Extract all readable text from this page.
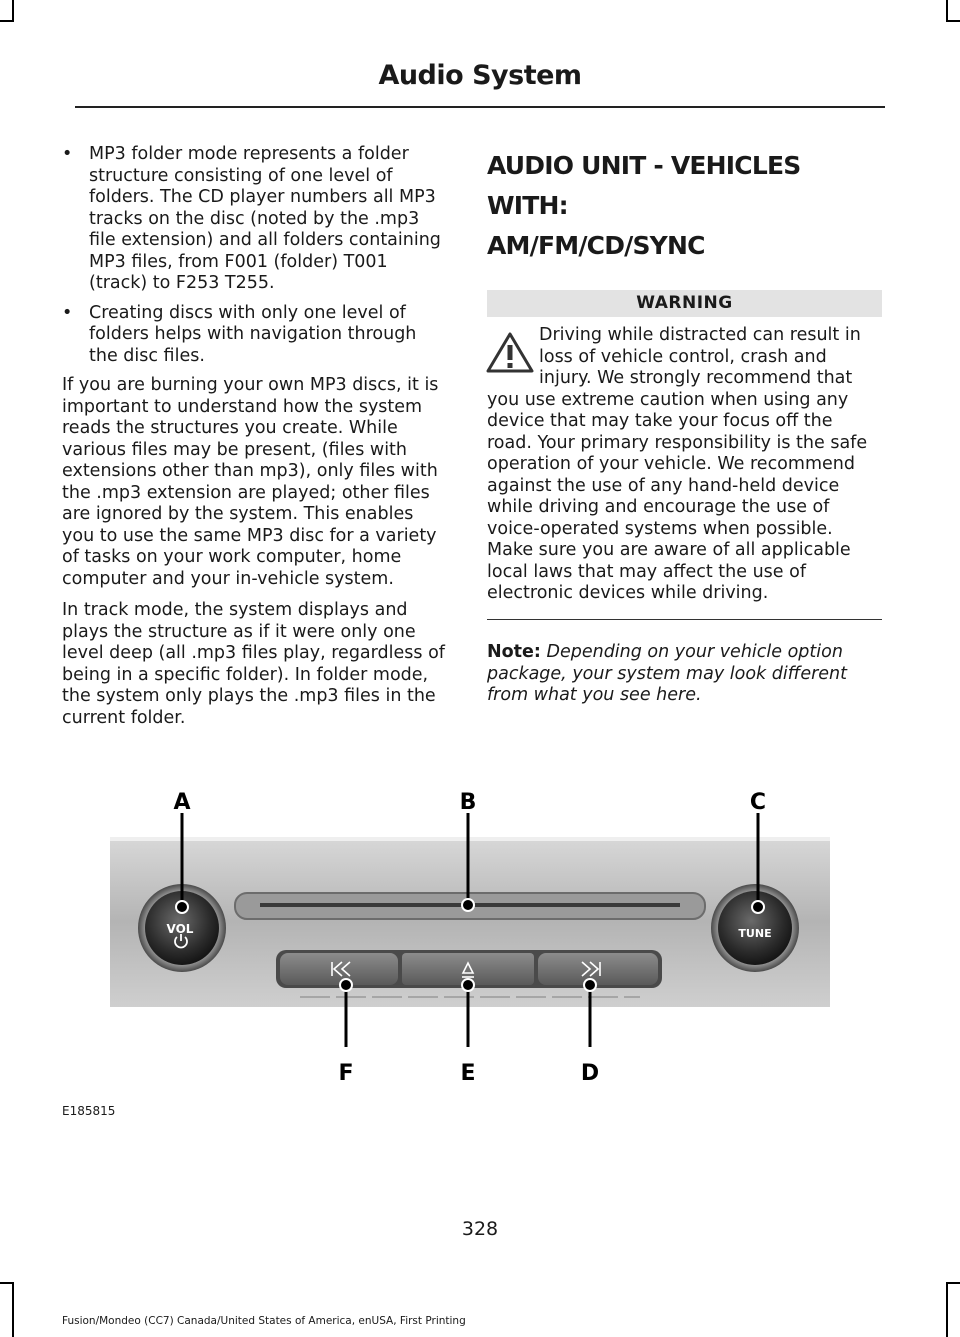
Audio System
• MP3 folder mode represents a folder structure consisting of one level of folders. The CD player numbers all MP3 tracks on the disc (noted by the .mp3 file extension) and all folders containing MP3 files, from F001 (folder) T001 (track) to F253 T255.
• Creating discs with only one level of folders helps with navigation through the disc files.

If you are burning your own MP3 discs, it is important to understand how the system reads the structures you create. While various files may be present, (files with extensions other than mp3), only files with the .mp3 extension are played; other files are ignored by the system. This enables you to use the same MP3 disc for a variety of tasks on your work computer, home computer and your in-vehicle system.

In track mode, the system displays and plays the structure as if it were only one level deep (all .mp3 files play, regardless of being in a specific folder). In folder mode, the system only plays the .mp3 files in the current folder.

AUDIO UNIT - VEHICLES WITH:
AM/FM/CD/SYNC
WARNING
Driving while distracted can result in
loss of vehicle control, crash and
injury. We strongly recommend that
you use extreme caution when using any device that may take your focus off the road. Your primary responsibility is the safe operation of your vehicle. We recommend against the use of any hand-held device while driving and encourage the use of voice-operated systems when possible. Make sure you are aware of all applicable local laws that may affect the use of electronic devices while driving.
Note: Depending on your vehicle option package, your system may look different from what you see here.
VOL	TUNE
A	B	C
F	E	D
E185815
328
Fusion/Mondeo (CC7) Canada/United States of America, enUSA, First Printing
